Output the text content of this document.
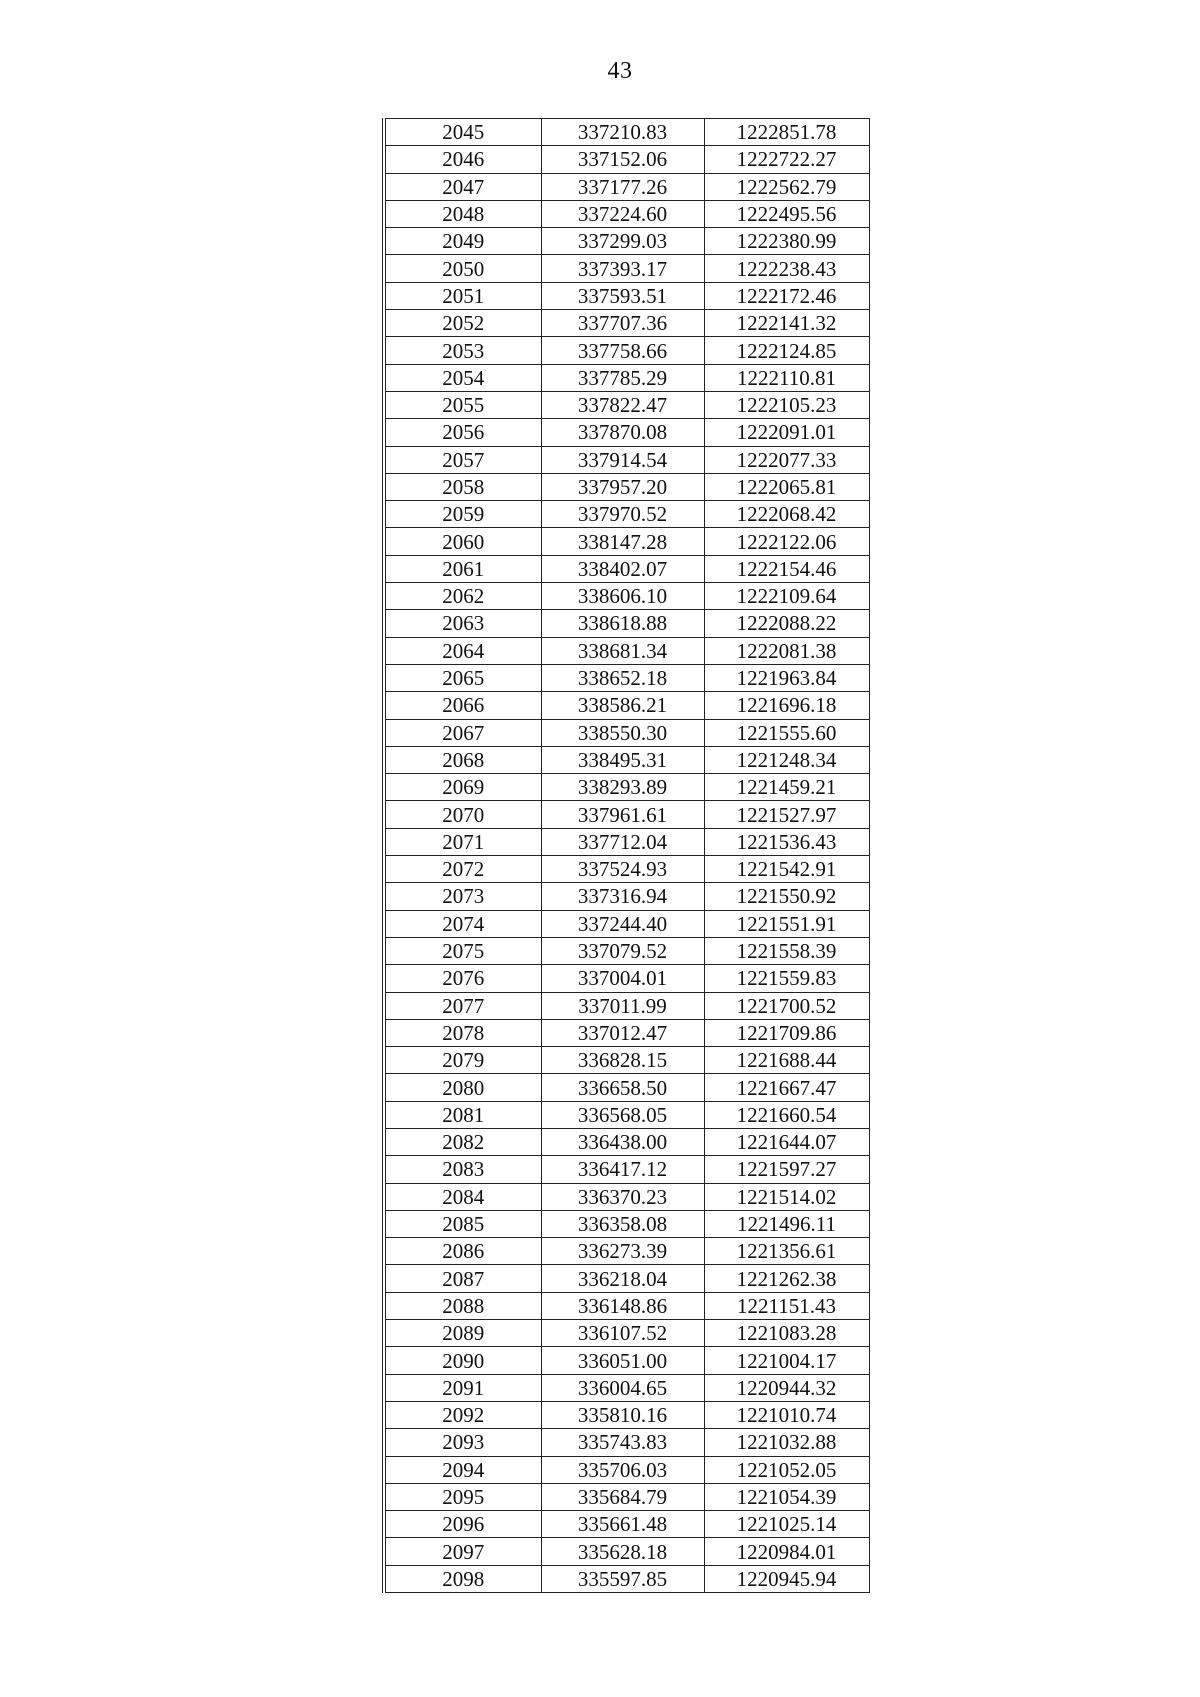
43
2045	337210.83	1222851.78
2046	337152.06	1222722.27
2047	337177.26	1222562.79
2048	337224.60	1222495.56
2049	337299.03	1222380.99
2050	337393.17	1222238.43
2051	337593.51	1222172.46
2052	337707.36	1222141.32
2053	337758.66	1222124.85
2054	337785.29	1222110.81
2055	337822.47	1222105.23
2056	337870.08	1222091.01
2057	337914.54	1222077.33
2058	337957.20	1222065.81
2059	337970.52	1222068.42
2060	338147.28	1222122.06
2061	338402.07	1222154.46
2062	338606.10	1222109.64
2063	338618.88	1222088.22
2064	338681.34	1222081.38
2065	338652.18	1221963.84
2066	338586.21	1221696.18
2067	338550.30	1221555.60
2068	338495.31	1221248.34
2069	338293.89	1221459.21
2070	337961.61	1221527.97
2071	337712.04	1221536.43
2072	337524.93	1221542.91
2073	337316.94	1221550.92
2074	337244.40	1221551.91
2075	337079.52	1221558.39
2076	337004.01	1221559.83
2077	337011.99	1221700.52
2078	337012.47	1221709.86
2079	336828.15	1221688.44
2080	336658.50	1221667.47
2081	336568.05	1221660.54
2082	336438.00	1221644.07
2083	336417.12	1221597.27
2084	336370.23	1221514.02
2085	336358.08	1221496.11
2086	336273.39	1221356.61
2087	336218.04	1221262.38
2088	336148.86	1221151.43
2089	336107.52	1221083.28
2090	336051.00	1221004.17
2091	336004.65	1220944.32
2092	335810.16	1221010.74
2093	335743.83	1221032.88
2094	335706.03	1221052.05
2095	335684.79	1221054.39
2096	335661.48	1221025.14
2097	335628.18	1220984.01
2098	335597.85	1220945.94
